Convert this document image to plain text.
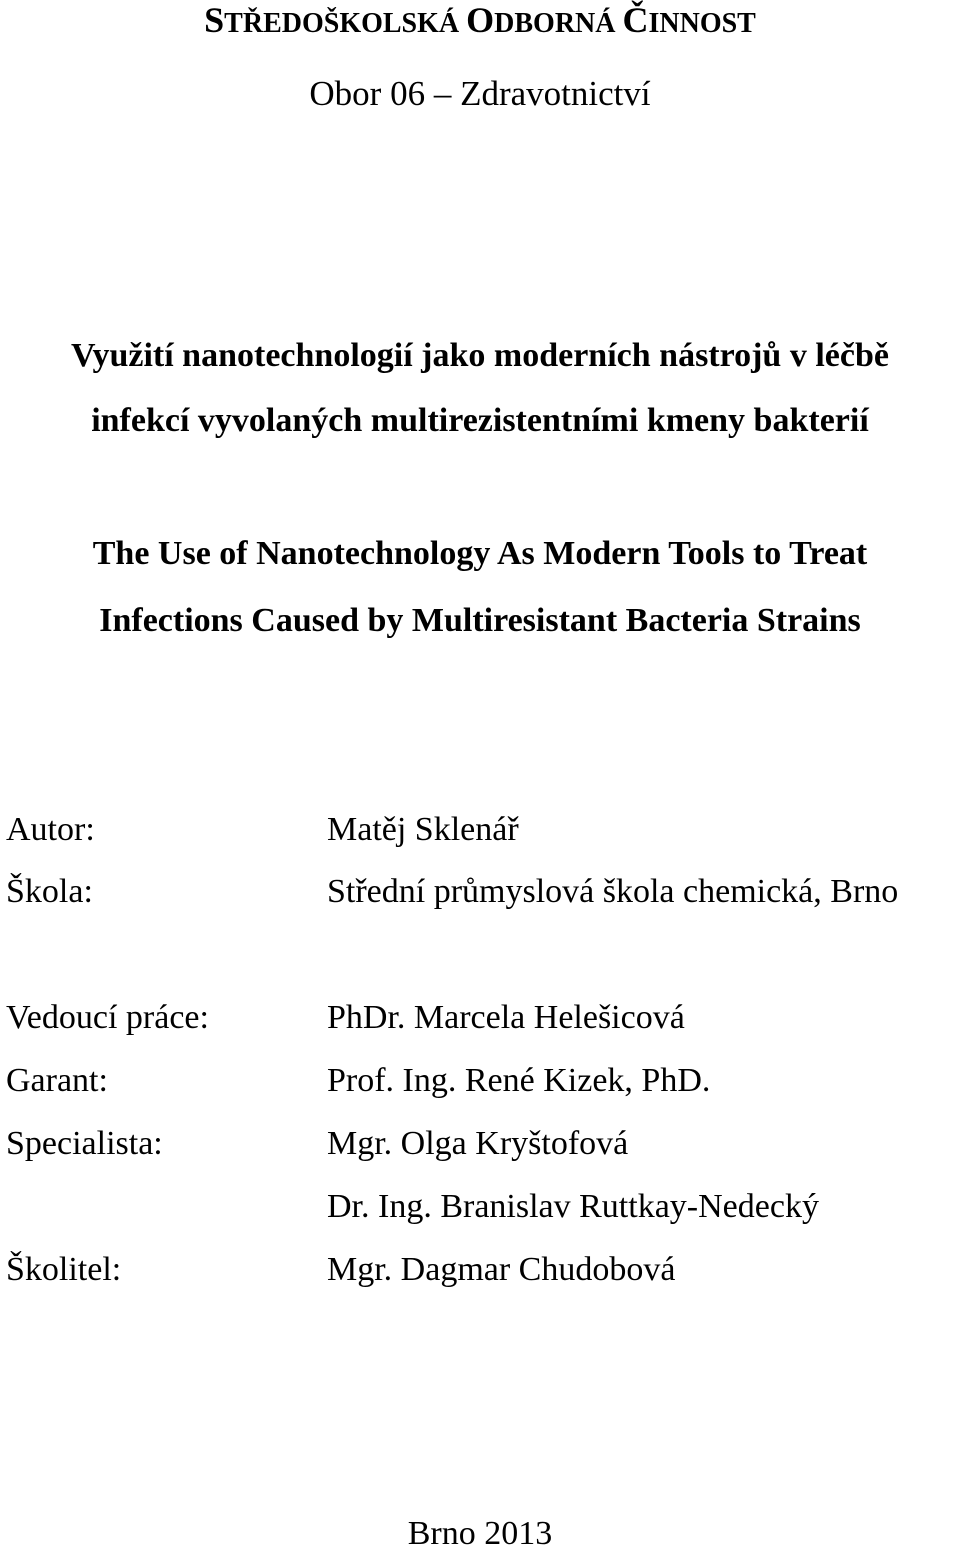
STŘEDOŠKOLSKÁ ODBORNÁ ČINNOST
Obor 06 – Zdravotnictví
Využití nanotechnologií jako moderních nástrojů v léčbě
infekcí vyvolaných multirezistentními kmeny bakterií
The Use of Nanotechnology As Modern Tools to Treat
Infections Caused by Multiresistant Bacteria Strains
Autor:	Matěj Sklenář
Škola:	Střední průmyslová škola chemická, Brno
Vedoucí práce:	PhDr. Marcela Helešicová
Garant:	Prof. Ing. René Kizek, PhD.
Specialista:	Mgr. Olga Kryštofová
Dr. Ing. Branislav Ruttkay-Nedecký
Školitel:	Mgr. Dagmar Chudobová
Brno 2013
